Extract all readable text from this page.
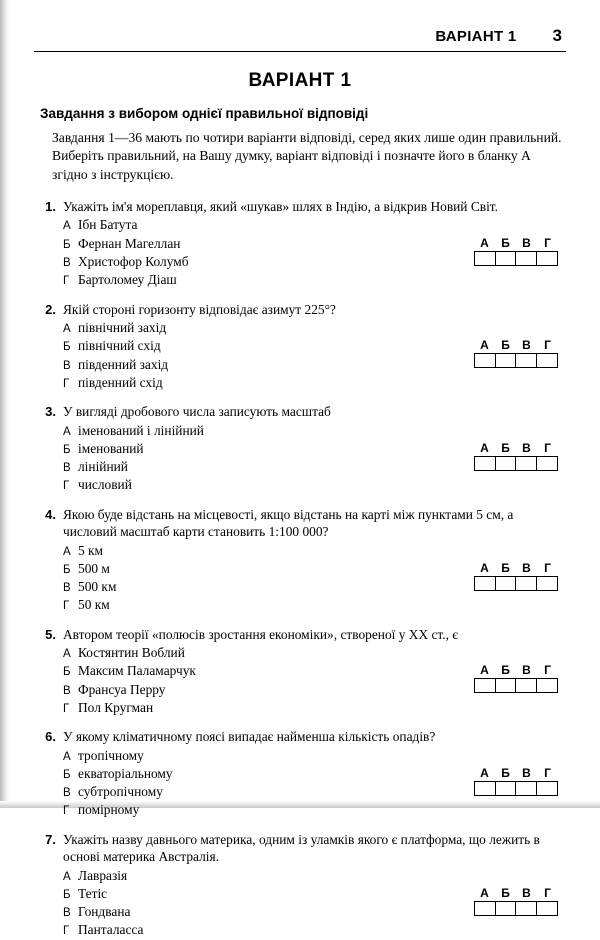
ВАРІАНТ 1 3
ВАРІАНТ 1
Завдання з вибором однієї правильної відповіді
Завдання 1—36 мають по чотири варіанти відповіді, серед яких лише один правильний. Виберіть правильний, на Вашу думку, варіант відповіді і позначте його в бланку А згідно з інструкцією.
1. Укажіть ім'я мореплавця, який «шукав» шлях в Індію, а відкрив Новий Світ.
А Ібн Батута
Б Фернан Магеллан
В Христофор Колумб
Г Бартоломеу Діаш
А	Б	В	Г
2. Якій стороні горизонту відповідає азимут 225°?
А північний захід
Б північний схід
В південний захід
Г південний схід
А	Б	В	Г
3. У вигляді дробового числа записують масштаб
А іменований і лінійний
Б іменований
В лінійний
Г числовий
А	Б	В	Г
4. Якою буде відстань на місцевості, якщо відстань на карті між пунктами 5 см, а числовий масштаб карти становить 1:100 000?
А 5 км
Б 500 м
В 500 км
Г 50 км
А	Б	В	Г
5. Автором теорії «полюсів зростання економіки», створеної у ХХ ст., є
А Костянтин Воблий
Б Максим Паламарчук
В Франсуа Перру
Г Пол Кругман
А	Б	В	Г
6. У якому кліматичному поясі випадає найменша кількість опадів?
А тропічному
Б екваторіальному
В субтропічному
Г помірному
А	Б	В	Г
7. Укажіть назву давнього материка, одним із уламків якого є платформа, що лежить в основі материка Австралія.
А Лавразія
Б Тетіс
В Гондвана
Г Панталасса
А	Б	В	Г
